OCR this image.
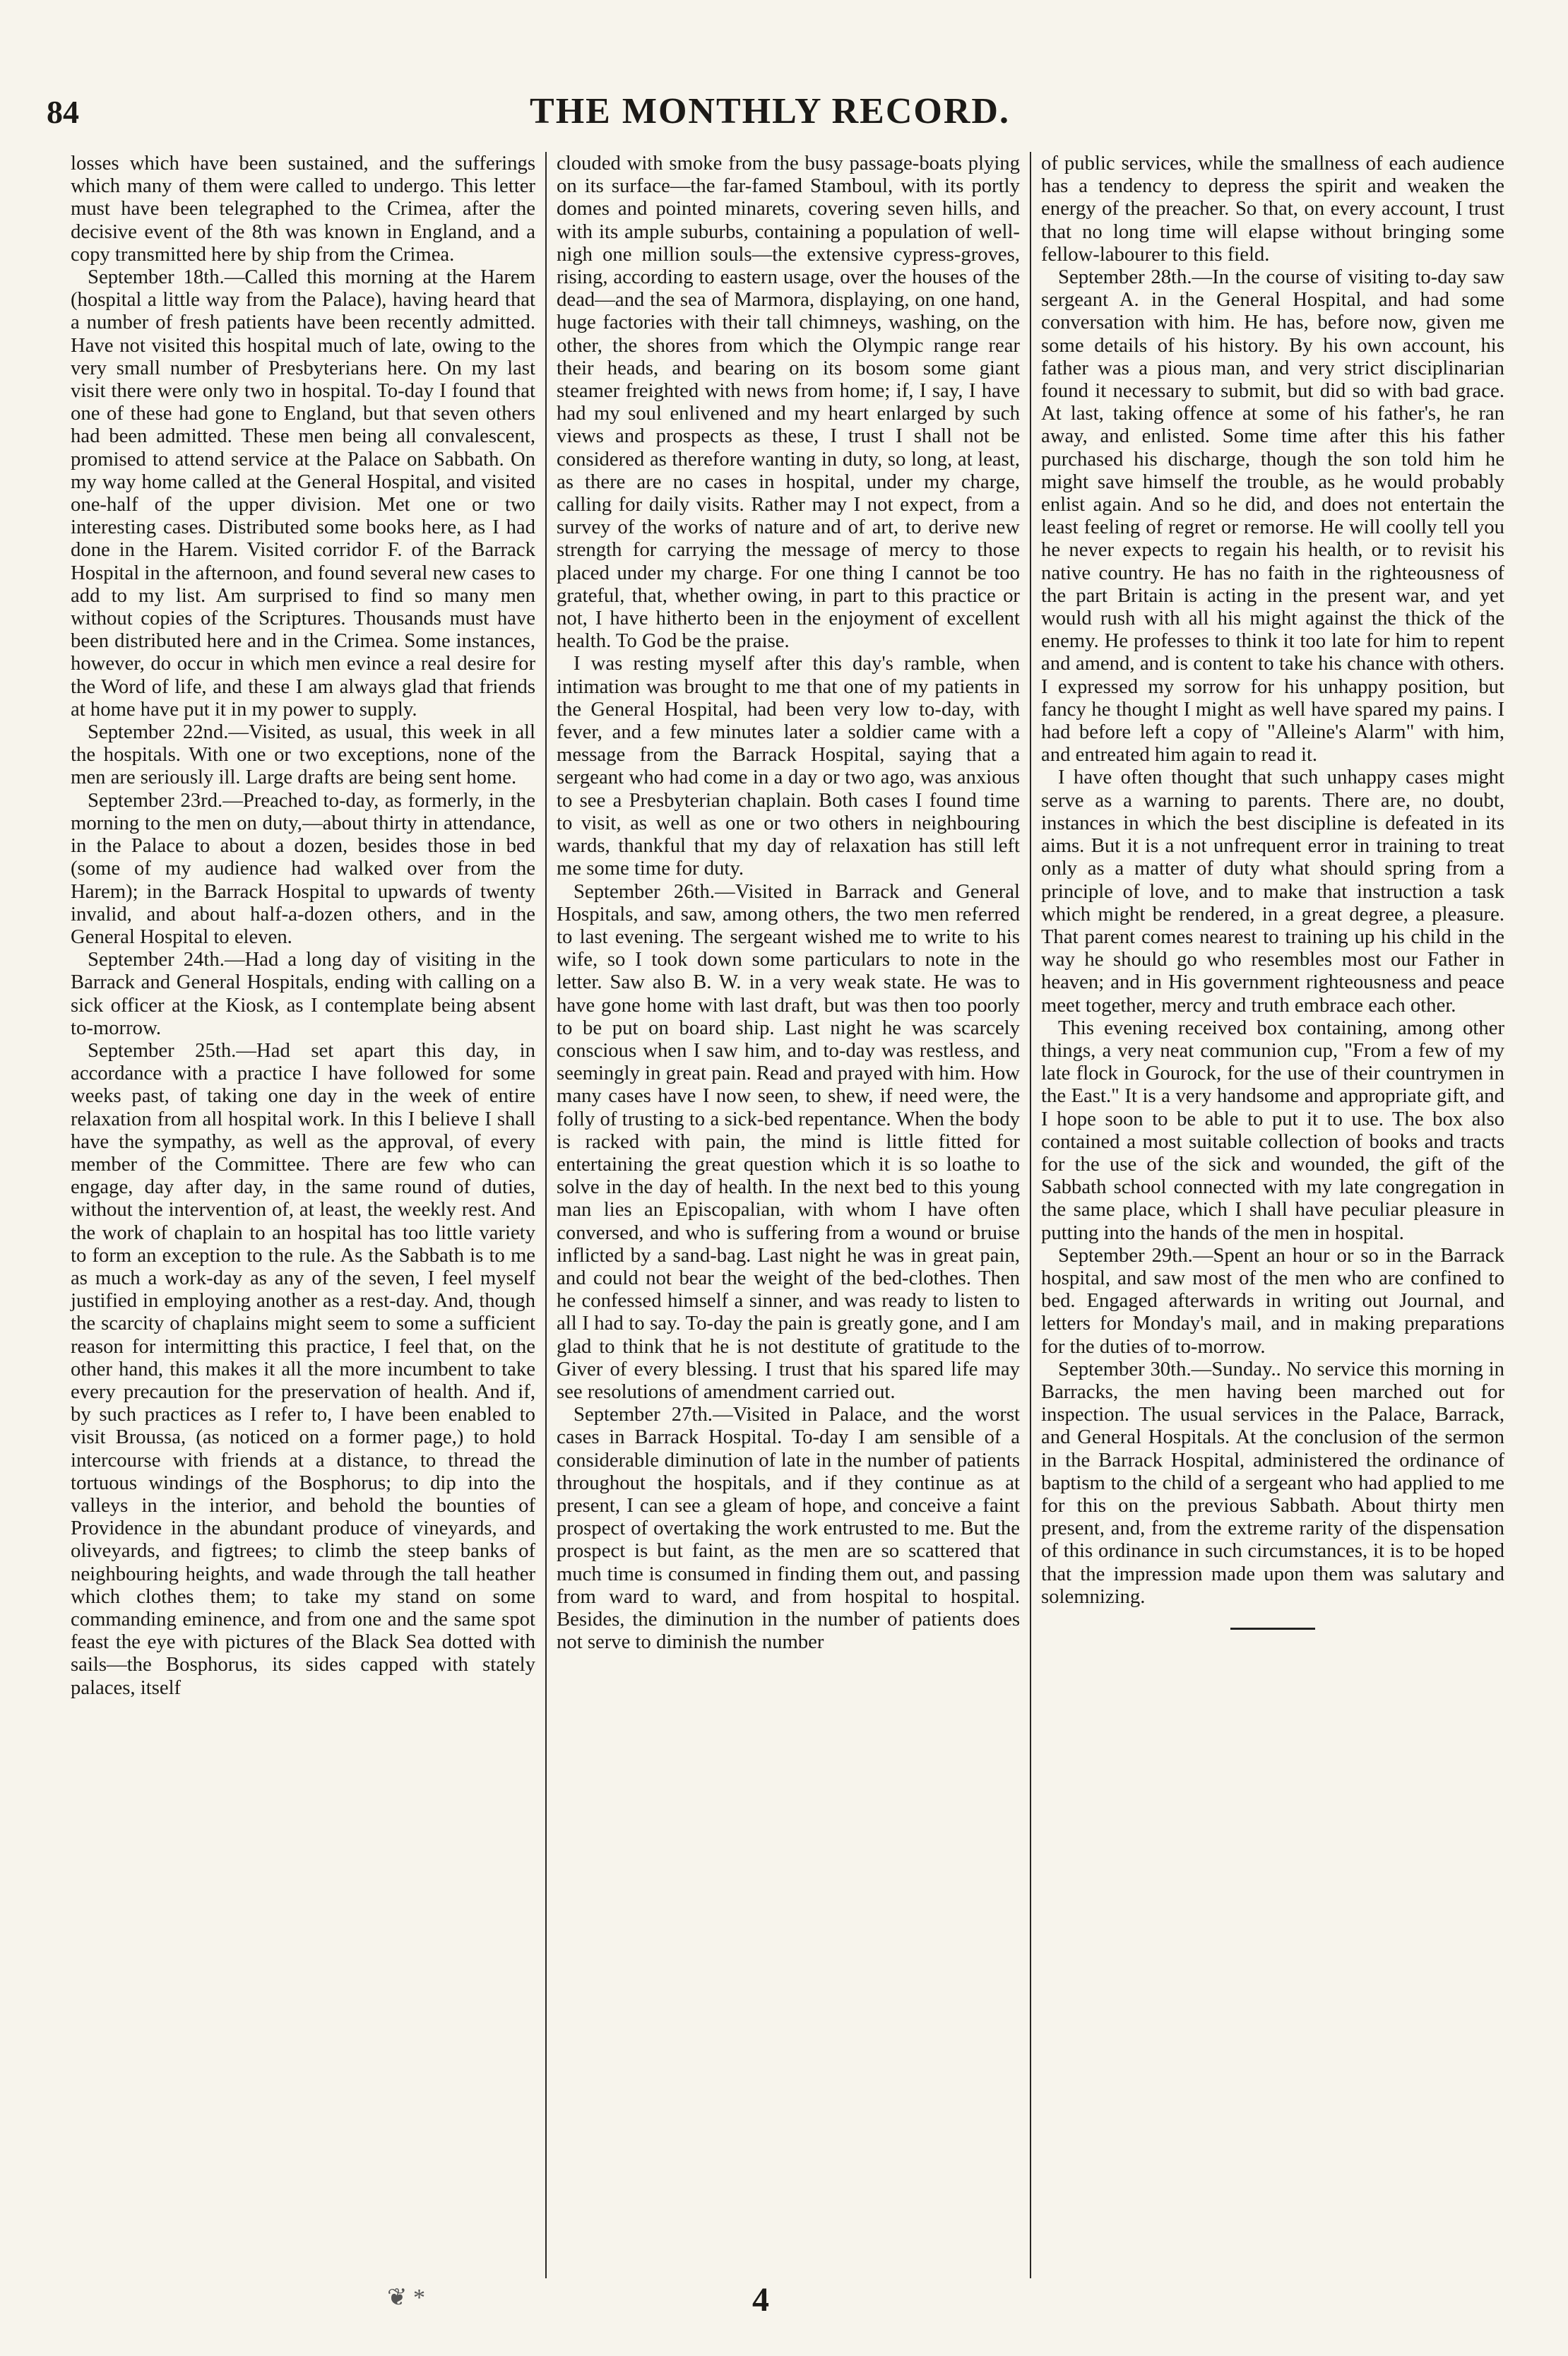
84	THE MONTHLY RECORD.

losses which have been sustained, and the sufferings which many of them were called to undergo. This letter must have been telegraphed to the Crimea, after the decisive event of the 8th was known in England, and a copy transmitted here by ship from the Crimea.

September 18th.—Called this morning at the Harem (hospital a little way from the Palace), having heard that a number of fresh patients have been recently admitted. Have not visited this hospital much of late, owing to the very small number of Presbyterians here. On my last visit there were only two in hospital. To-day I found that one of these had gone to England, but that seven others had been admitted. These men being all convalescent, promised to attend service at the Palace on Sabbath. On my way home called at the General Hospital, and visited one-half of the upper division. Met one or two interesting cases. Distributed some books here, as I had done in the Harem. Visited corridor F. of the Barrack Hospital in the afternoon, and found several new cases to add to my list. Am surprised to find so many men without copies of the Scriptures. Thousands must have been distributed here and in the Crimea. Some instances, however, do occur in which men evince a real desire for the Word of life, and these I am always glad that friends at home have put it in my power to supply.

September 22nd.—Visited, as usual, this week in all the hospitals. With one or two exceptions, none of the men are seriously ill. Large drafts are being sent home.

September 23rd.—Preached to-day, as formerly, in the morning to the men on duty,—about thirty in attendance, in the Palace to about a dozen, besides those in bed (some of my audience had walked over from the Harem); in the Barrack Hospital to upwards of twenty invalid, and about half-a-dozen others, and in the General Hospital to eleven.

September 24th.—Had a long day of visiting in the Barrack and General Hospitals, ending with calling on a sick officer at the Kiosk, as I contemplate being absent to-morrow.

September 25th.—Had set apart this day, in accordance with a practice I have followed for some weeks past, of taking one day in the week of entire relaxation from all hospital work. In this I believe I shall have the sympathy, as well as the approval, of every member of the Committee. There are few who can engage, day after day, in the same round of duties, without the intervention of, at least, the weekly rest. And the work of chaplain to an hospital has too little variety to form an exception to the rule. As the Sabbath is to me as much a work-day as any of the seven, I feel myself justified in employing another as a rest-day. And, though the scarcity of chaplains might seem to some a sufficient reason for intermitting this practice, I feel that, on the other hand, this makes it all the more incumbent to take every precaution for the preservation of health. And if, by such practices as I refer to, I have been enabled to visit Broussa, (as noticed on a former page,) to hold intercourse with friends at a distance, to thread the tortuous windings of the Bosphorus; to dip into the valleys in the interior, and behold the bounties of Providence in the abundant produce of vineyards, and oliveyards, and figtrees; to climb the steep banks of neighbouring heights, and wade through the tall heather which clothes them; to take my stand on some commanding eminence, and from one and the same spot feast the eye with pictures of the Black Sea dotted with sails—the Bosphorus, its sides capped with stately palaces, itself

clouded with smoke from the busy passage-boats plying on its surface—the far-famed Stamboul, with its portly domes and pointed minarets, covering seven hills, and with its ample suburbs, containing a population of well-nigh one million souls—the extensive cypress-groves, rising, according to eastern usage, over the houses of the dead—and the sea of Marmora, displaying, on one hand, huge factories with their tall chimneys, washing, on the other, the shores from which the Olympic range rear their heads, and bearing on its bosom some giant steamer freighted with news from home; if, I say, I have had my soul enlivened and my heart enlarged by such views and prospects as these, I trust I shall not be considered as therefore wanting in duty, so long, at least, as there are no cases in hospital, under my charge, calling for daily visits. Rather may I not expect, from a survey of the works of nature and of art, to derive new strength for carrying the message of mercy to those placed under my charge. For one thing I cannot be too grateful, that, whether owing, in part to this practice or not, I have hitherto been in the enjoyment of excellent health. To God be the praise.

I was resting myself after this day's ramble, when intimation was brought to me that one of my patients in the General Hospital, had been very low to-day, with fever, and a few minutes later a soldier came with a message from the Barrack Hospital, saying that a sergeant who had come in a day or two ago, was anxious to see a Presbyterian chaplain. Both cases I found time to visit, as well as one or two others in neighbouring wards, thankful that my day of relaxation has still left me some time for duty.

September 26th.—Visited in Barrack and General Hospitals, and saw, among others, the two men referred to last evening. The sergeant wished me to write to his wife, so I took down some particulars to note in the letter. Saw also B. W. in a very weak state. He was to have gone home with last draft, but was then too poorly to be put on board ship. Last night he was scarcely conscious when I saw him, and to-day was restless, and seemingly in great pain. Read and prayed with him. How many cases have I now seen, to shew, if need were, the folly of trusting to a sick-bed repentance. When the body is racked with pain, the mind is little fitted for entertaining the great question which it is so loathe to solve in the day of health. In the next bed to this young man lies an Episcopalian, with whom I have often conversed, and who is suffering from a wound or bruise inflicted by a sand-bag. Last night he was in great pain, and could not bear the weight of the bed-clothes. Then he confessed himself a sinner, and was ready to listen to all I had to say. To-day the pain is greatly gone, and I am glad to think that he is not destitute of gratitude to the Giver of every blessing. I trust that his spared life may see resolutions of amendment carried out.

September 27th.—Visited in Palace, and the worst cases in Barrack Hospital. To-day I am sensible of a considerable diminution of late in the number of patients throughout the hospitals, and if they continue as at present, I can see a gleam of hope, and conceive a faint prospect of overtaking the work entrusted to me. But the prospect is but faint, as the men are so scattered that much time is consumed in finding them out, and passing from ward to ward, and from hospital to hospital. Besides, the diminution in the number of patients does not serve to diminish the number

of public services, while the smallness of each audience has a tendency to depress the spirit and weaken the energy of the preacher. So that, on every account, I trust that no long time will elapse without bringing some fellow-labourer to this field.

September 28th.—In the course of visiting to-day saw sergeant A. in the General Hospital, and had some conversation with him. He has, before now, given me some details of his history. By his own account, his father was a pious man, and very strict disciplinarian found it necessary to submit, but did so with bad grace. At last, taking offence at some of his father's, he ran away, and enlisted. Some time after this his father purchased his discharge, though the son told him he might save himself the trouble, as he would probably enlist again. And so he did, and does not entertain the least feeling of regret or remorse. He will coolly tell you he never expects to regain his health, or to revisit his native country. He has no faith in the righteousness of the part Britain is acting in the present war, and yet would rush with all his might against the thick of the enemy. He professes to think it too late for him to repent and amend, and is content to take his chance with others. I expressed my sorrow for his unhappy position, but fancy he thought I might as well have spared my pains. I had before left a copy of "Alleine's Alarm" with him, and entreated him again to read it.

I have often thought that such unhappy cases might serve as a warning to parents. There are, no doubt, instances in which the best discipline is defeated in its aims. But it is a not unfrequent error in training to treat only as a matter of duty what should spring from a principle of love, and to make that instruction a task which might be rendered, in a great degree, a pleasure. That parent comes nearest to training up his child in the way he should go who resembles most our Father in heaven; and in His government righteousness and peace meet together, mercy and truth embrace each other.

This evening received box containing, among other things, a very neat communion cup, "From a few of my late flock in Gourock, for the use of their countrymen in the East." It is a very handsome and appropriate gift, and I hope soon to be able to put it to use. The box also contained a most suitable collection of books and tracts for the use of the sick and wounded, the gift of the Sabbath school connected with my late congregation in the same place, which I shall have peculiar pleasure in putting into the hands of the men in hospital.

September 29th.—Spent an hour or so in the Barrack hospital, and saw most of the men who are confined to bed. Engaged afterwards in writing out Journal, and letters for Monday's mail, and in making preparations for the duties of to-morrow.

September 30th.—Sunday.. No service this morning in Barracks, the men having been marched out for inspection. The usual services in the Palace, Barrack, and General Hospitals. At the conclusion of the sermon in the Barrack Hospital, administered the ordinance of baptism to the child of a sergeant who had applied to me for this on the previous Sabbath. About thirty men present, and, from the extreme rarity of the dispensation of this ordinance in such circumstances, it is to be hoped that the impression made upon them was salutary and solemnizing.

❦ *	4
